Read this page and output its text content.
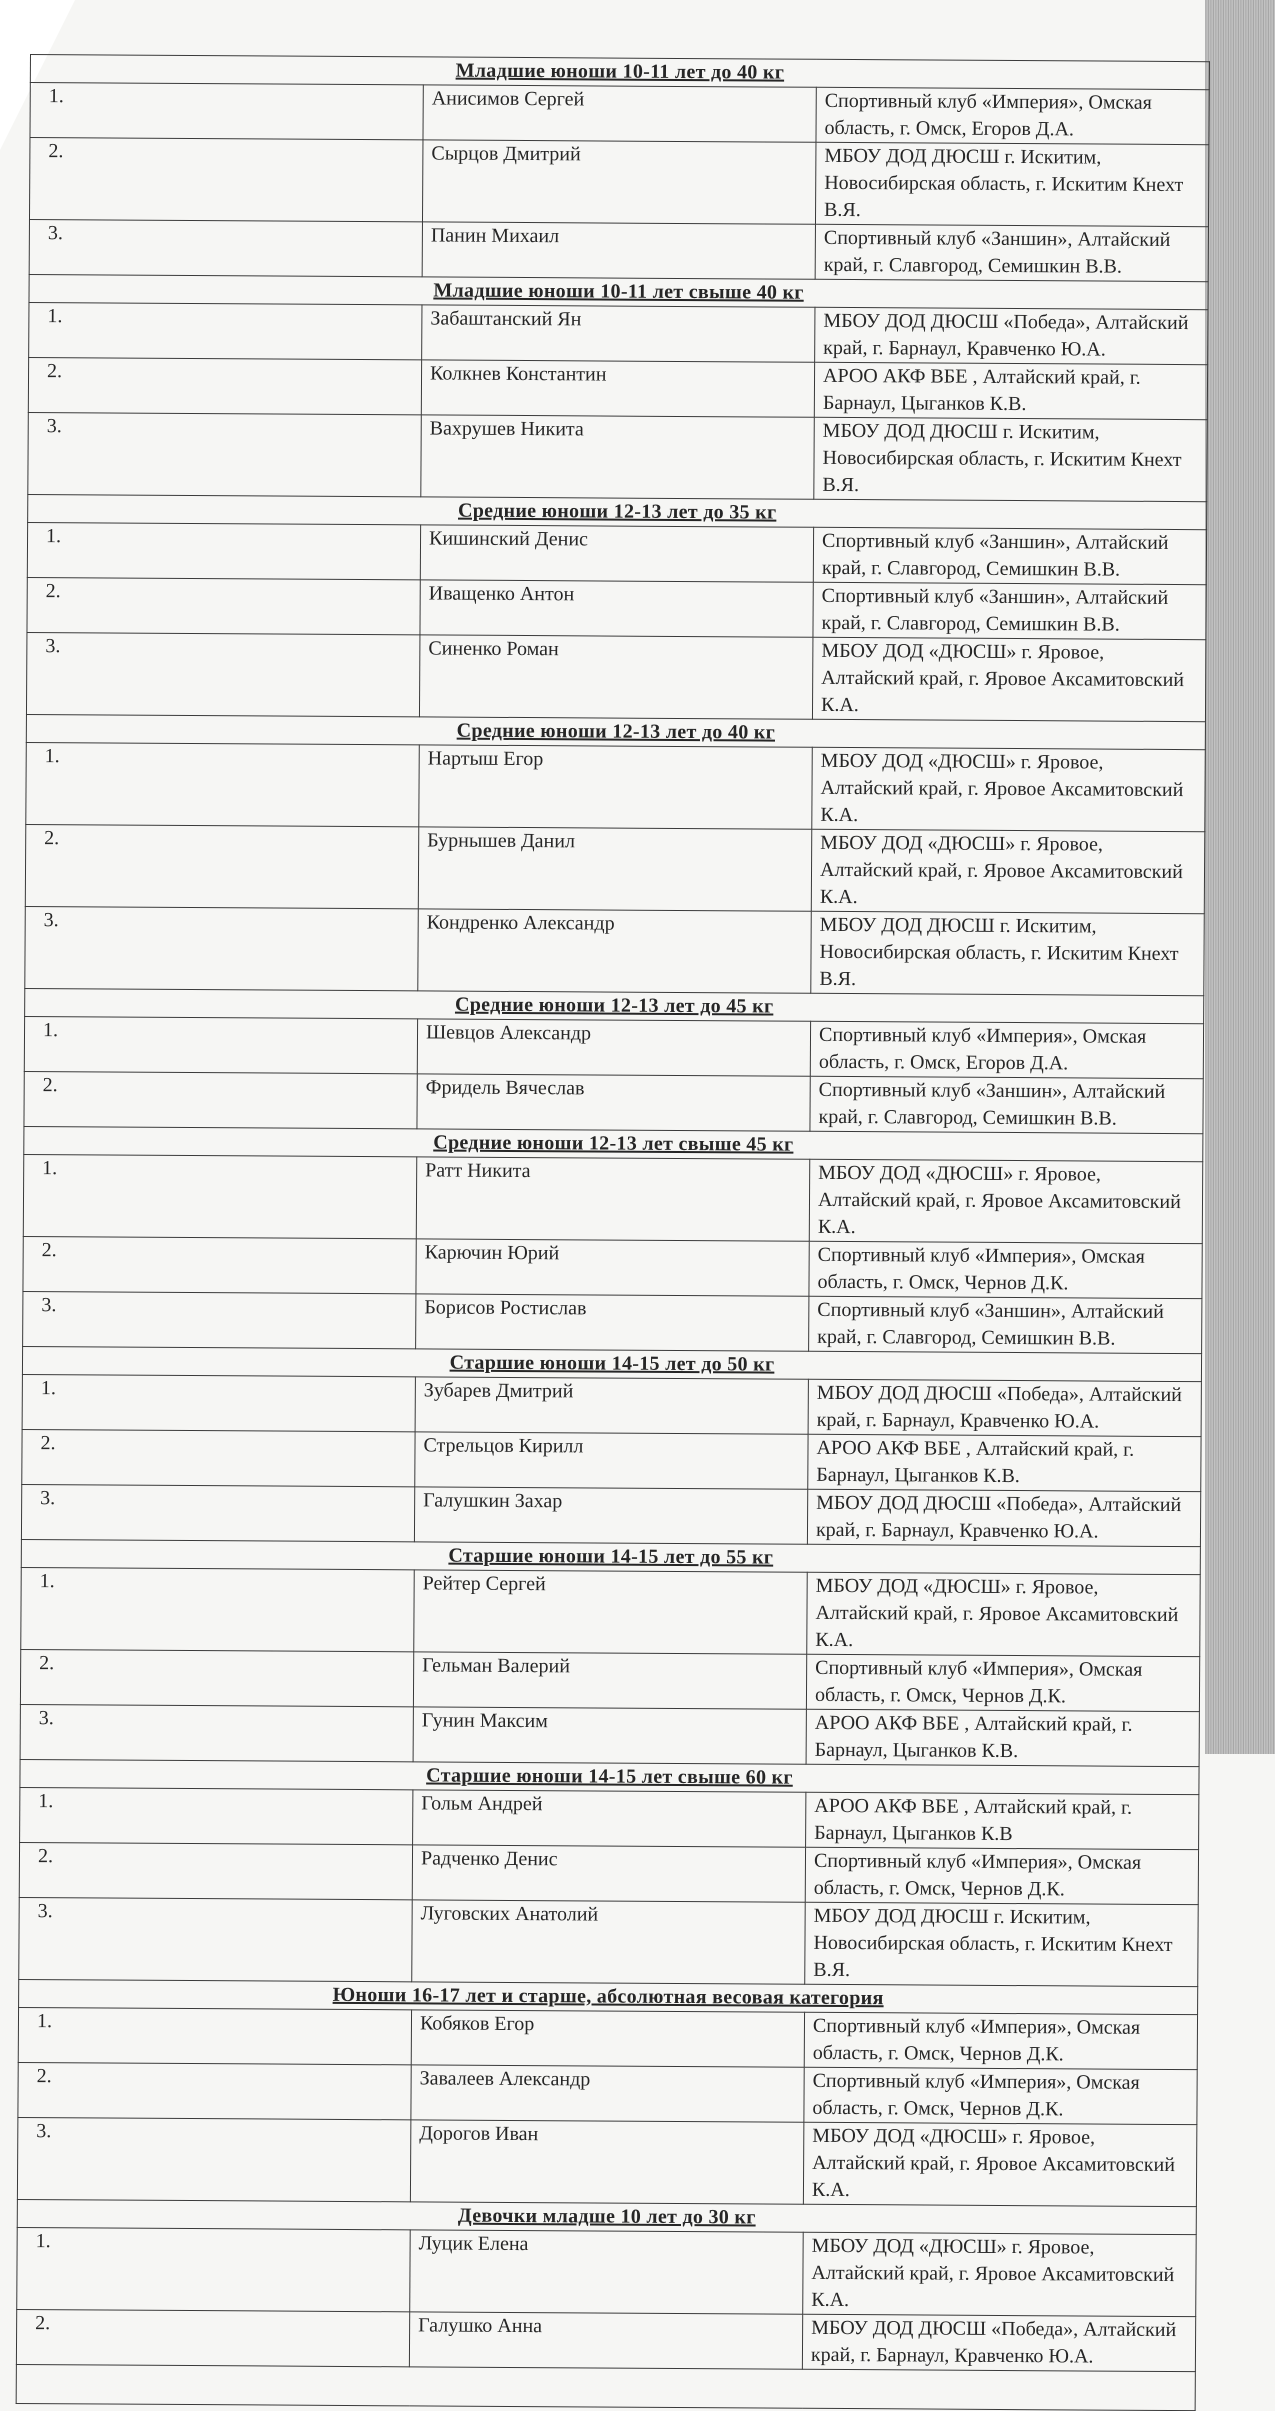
Младшие юноши 10-11 лет до 40 кг		
1.	Анисимов Сергей	Спортивный клуб «Империя», Омская область, г. Омск, Егоров Д.А.
2.	Сырцов Дмитрий	МБОУ ДОД ДЮСШ г. Искитим, Новосибирская область, г. Искитим Кнехт В.Я.
3.	Панин Михаил	Спортивный клуб «Заншин», Алтайский край, г. Славгород, Семишкин В.В.
Младшие юноши 10-11 лет свыше 40 кг		
1.	Забаштанский Ян	МБОУ ДОД ДЮСШ «Победа», Алтайский край, г. Барнаул, Кравченко Ю.А.
2.	Колкнев Константин	АРОО АКФ ВБЕ , Алтайский край, г. Барнаул, Цыганков К.В.
3.	Вахрушев Никита	МБОУ ДОД ДЮСШ г. Искитим, Новосибирская область, г. Искитим Кнехт В.Я.
Средние юноши 12-13 лет до 35 кг		
1.	Кишинский Денис	Спортивный клуб «Заншин», Алтайский край, г. Славгород, Семишкин В.В.
2.	Иващенко Антон	Спортивный клуб «Заншин», Алтайский край, г. Славгород, Семишкин В.В.
3.	Синенко Роман	МБОУ ДОД «ДЮСШ» г. Яровое, Алтайский край, г. Яровое Аксамитовский К.А.
Средние юноши 12-13 лет до 40 кг		
1.	Нартыш Егор	МБОУ ДОД «ДЮСШ» г. Яровое, Алтайский край, г. Яровое Аксамитовский К.А.
2.	Бурнышев Данил	МБОУ ДОД «ДЮСШ» г. Яровое, Алтайский край, г. Яровое Аксамитовский К.А.
3.	Кондренко Александр	МБОУ ДОД ДЮСШ г. Искитим, Новосибирская область, г. Искитим Кнехт В.Я.
Средние юноши 12-13 лет до 45 кг		
1.	Шевцов Александр	Спортивный клуб «Империя», Омская область, г. Омск, Егоров Д.А.
2.	Фридель Вячеслав	Спортивный клуб «Заншин», Алтайский край, г. Славгород, Семишкин В.В.
Средние юноши 12-13 лет свыше 45 кг		
1.	Ратт Никита	МБОУ ДОД «ДЮСШ» г. Яровое, Алтайский край, г. Яровое Аксамитовский К.А.
2.	Карючин Юрий	Спортивный клуб «Империя», Омская область, г. Омск, Чернов Д.К.
3.	Борисов Ростислав	Спортивный клуб «Заншин», Алтайский край, г. Славгород, Семишкин В.В.
Старшие юноши 14-15 лет до 50 кг		
1.	Зубарев Дмитрий	МБОУ ДОД ДЮСШ «Победа», Алтайский край, г. Барнаул, Кравченко Ю.А.
2.	Стрельцов Кирилл	АРОО АКФ ВБЕ , Алтайский край, г. Барнаул, Цыганков К.В.
3.	Галушкин Захар	МБОУ ДОД ДЮСШ «Победа», Алтайский край, г. Барнаул, Кравченко Ю.А.
Старшие юноши 14-15 лет до 55 кг		
1.	Рейтер Сергей	МБОУ ДОД «ДЮСШ» г. Яровое, Алтайский край, г. Яровое Аксамитовский К.А.
2.	Гельман Валерий	Спортивный клуб «Империя», Омская область, г. Омск, Чернов Д.К.
3.	Гунин Максим	АРОО АКФ ВБЕ , Алтайский край, г. Барнаул, Цыганков К.В.
Старшие юноши 14-15 лет свыше 60 кг		
1.	Гольм Андрей	АРОО АКФ ВБЕ , Алтайский край, г. Барнаул, Цыганков К.В
2.	Радченко Денис	Спортивный клуб «Империя», Омская область, г. Омск, Чернов Д.К.
3.	Луговских Анатолий	МБОУ ДОД ДЮСШ г. Искитим, Новосибирская область, г. Искитим Кнехт В.Я.
Юноши 16-17 лет и старше, абсолютная весовая категория		
1.	Кобяков Егор	Спортивный клуб «Империя», Омская область, г. Омск, Чернов Д.К.
2.	Завалеев Александр	Спортивный клуб «Империя», Омская область, г. Омск, Чернов Д.К.
3.	Дорогов Иван	МБОУ ДОД «ДЮСШ» г. Яровое, Алтайский край, г. Яровое Аксамитовский К.А.
Девочки младше 10 лет до 30 кг		
1.	Луцик Елена	МБОУ ДОД «ДЮСШ» г. Яровое, Алтайский край, г. Яровое Аксамитовский К.А.
2.	Галушко Анна	МБОУ ДОД ДЮСШ «Победа», Алтайский край, г. Барнаул, Кравченко Ю.А.
